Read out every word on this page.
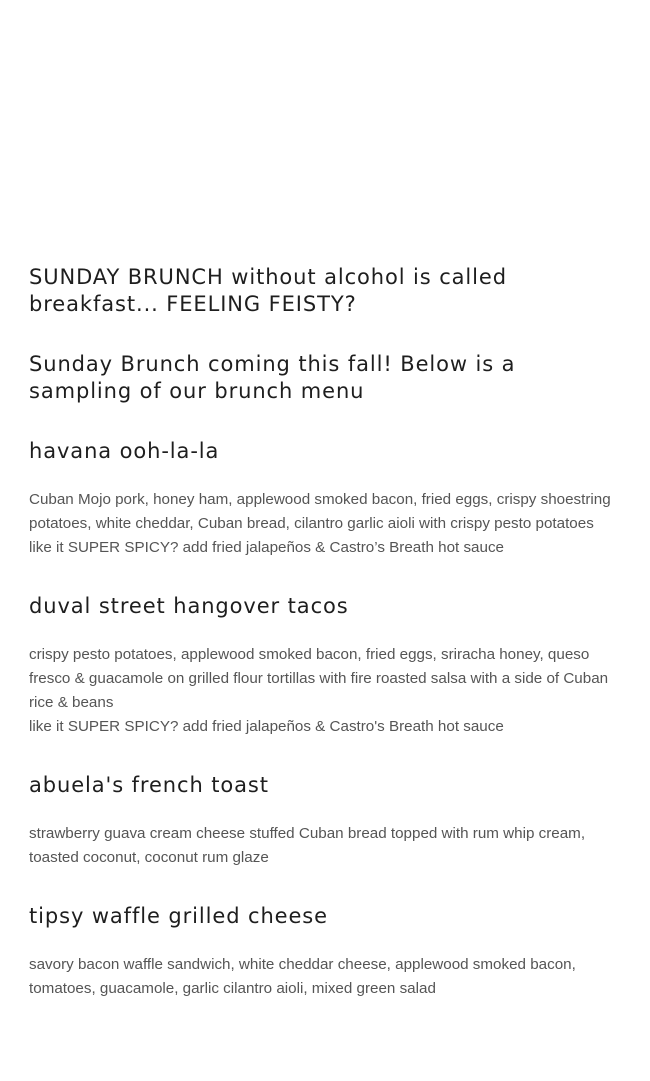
SUNDAY BRUNCH without alcohol is called breakfast... FEELING FEISTY?

Sunday Brunch coming this fall! Below is a sampling of our brunch menu

havana ooh-la-la

Cuban Mojo pork, honey ham, applewood smoked bacon, fried eggs, crispy shoestring potatoes, white cheddar, Cuban bread, cilantro garlic aioli with crispy pesto potatoes
like it SUPER SPICY? add fried jalapeños & Castro’s Breath hot sauce

duval street hangover tacos

crispy pesto potatoes, applewood smoked bacon, fried eggs, sriracha honey, queso fresco & guacamole on grilled flour tortillas with fire roasted salsa with a side of Cuban rice & beans
like it SUPER SPICY? add fried jalapeños & Castro's Breath hot sauce

abuela's french toast

strawberry guava cream cheese stuffed Cuban bread topped with rum whip cream,
toasted coconut, coconut rum glaze

tipsy waffle grilled cheese

savory bacon waffle sandwich, white cheddar cheese, applewood smoked bacon, tomatoes, guacamole, garlic cilantro aioli, mixed green salad
